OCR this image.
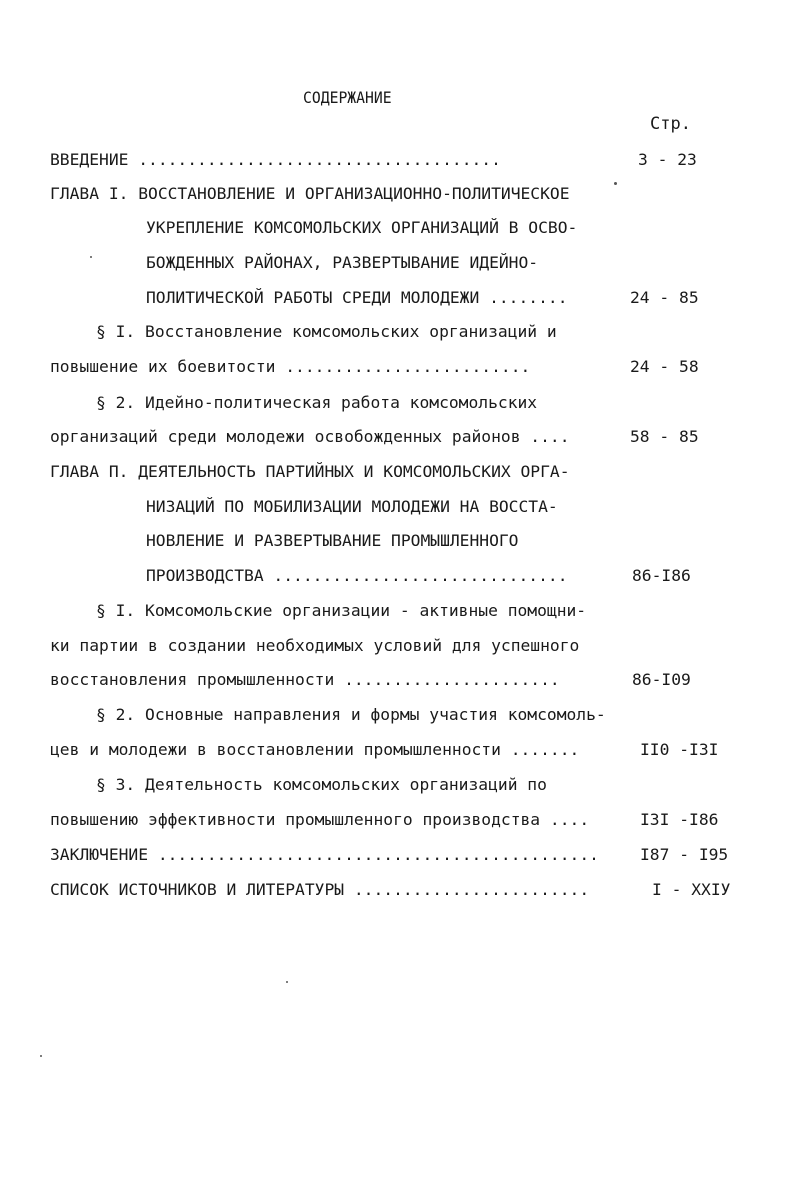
СОДЕРЖАНИЕ
Стр.
ВВЕДЕНИЕ .....................................	3 - 23
ГЛАВА I. ВОССТАНОВЛЕНИЕ И ОРГАНИЗАЦИОННО-ПОЛИТИЧЕСКОЕ
УКРЕПЛЕНИЕ КОМСОМОЛЬСКИХ ОРГАНИЗАЦИЙ В ОСВО-
БОЖДЕННЫХ РАЙОНАХ, РАЗВЕРТЫВАНИЕ ИДЕЙНО-
ПОЛИТИЧЕСКОЙ РАБОТЫ СРЕДИ МОЛОДЕЖИ ........	24 - 85
§ I. Восстановление комсомольских организаций и
повышение их боевитости .........................	24 - 58
§ 2. Идейно-политическая работа комсомольских
организаций среди молодежи освобожденных районов ....	58 - 85
ГЛАВА П. ДЕЯТЕЛЬНОСТЬ ПАРТИЙНЫХ И КОМСОМОЛЬСКИХ ОРГА-
НИЗАЦИЙ ПО МОБИЛИЗАЦИИ МОЛОДЕЖИ НА ВОССТА-
НОВЛЕНИЕ И РАЗВЕРТЫВАНИЕ ПРОМЫШЛЕННОГО
ПРОИЗВОДСТВА ..............................	86-I86
§ I. Комсомольские организации - активные помощни-
ки партии в создании необходимых условий для успешного
восстановления промышленности ......................	86-I09
§ 2. Основные направления и формы участия комсомоль-
цев и молодежи в восстановлении промышленности .......	II0 -I3I
§ 3. Деятельность комсомольских организаций по
повышению эффективности промышленного производства ....	I3I -I86
ЗАКЛЮЧЕНИЕ .............................................	I87 - I95
СПИСОК ИСТОЧНИКОВ И ЛИТЕРАТУРЫ ........................	I - XXIУ
